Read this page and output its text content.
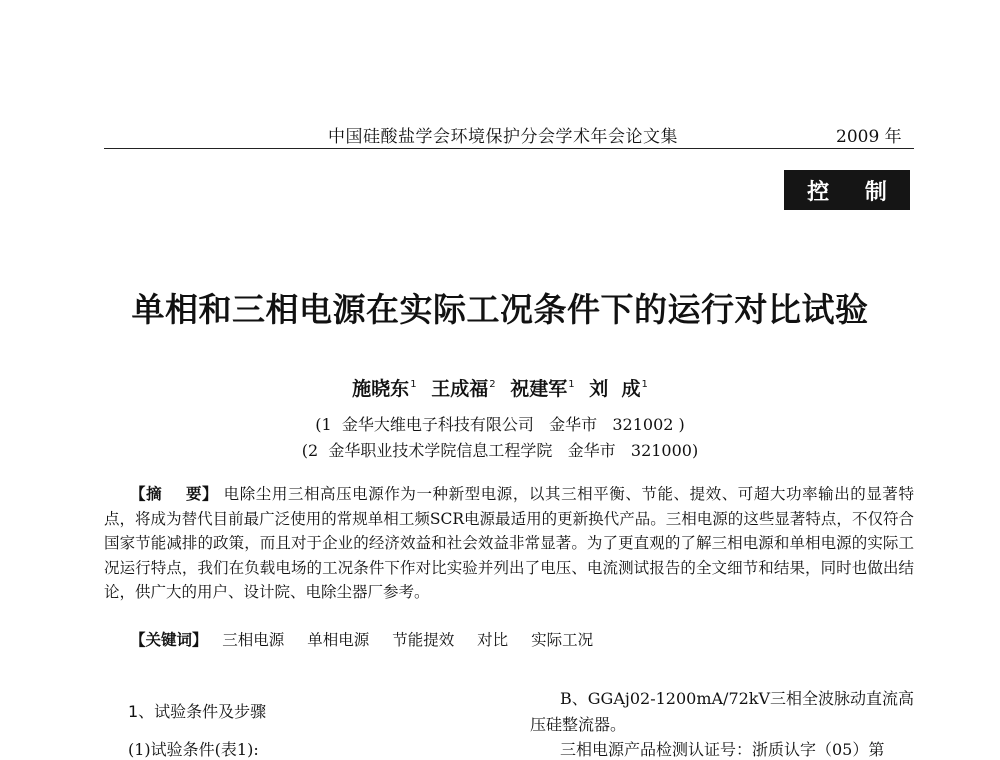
中国硅酸盐学会环境保护分会学术年会论文集	2009 年
控 制
单相和三相电源在实际工况条件下的运行对比试验
施晓东$^1$ 王成福$^2$ 祝建军$^1$ 刘  成$^1$
(1  金华大维电子科技有限公司   金华市   321002 )
(2  金华职业技术学院信息工程学院   金华市   321000)
【摘    要】 电除尘用三相高压电源作为一种新型电源，以其三相平衡、节能、提效、可超大功率输出的显著特点，将成为替代目前最广泛使用的常规单相工频SCR电源最适用的更新换代产品。三相电源的这些显著特点，不仅符合国家节能减排的政策，而且对于企业的经济效益和社会效益非常显著。为了更直观的了解三相电源和单相电源的实际工况运行特点，我们在负载电场的工况条件下作对比实验并列出了电压、电流测试报告的全文细节和结果，同时也做出结论，供广大的用户、设计院、电除尘器厂参考。
【关键词】 三相电源 单相电源 节能提效 对比 实际工况
1、试验条件及步骤
(1)试验条件(表1):
B、GGAj02-1200mA/72kV三相全波脉动直流高
压硅整流器。
三相电源产品检测认证号：浙质认字（05）第
